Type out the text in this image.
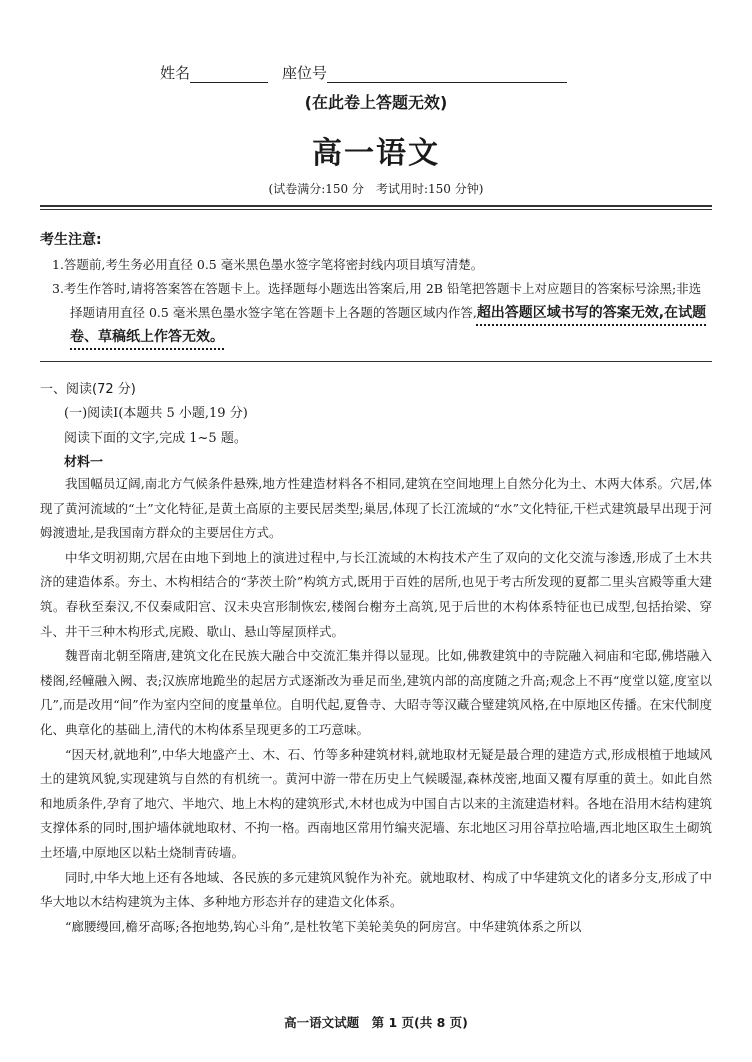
姓名	座位号
(在此卷上答题无效)
高一语文
(试卷满分:150 分　考试用时:150 分钟)
考生注意:
1.答题前,考生务必用直径 0.5 毫米黑色墨水签字笔将密封线内项目填写清楚。
3.考生作答时,请将答案答在答题卡上。选择题每小题选出答案后,用 2B 铅笔把答题卡上对应题目的答案标号涂黑;非选择题请用直径 0.5 毫米黑色墨水签字笔在答题卡上各题的答题区域内作答,超出答题区域书写的答案无效,在试题卷、草稿纸上作答无效。
一、阅读(72 分)
(一)阅读Ⅰ(本题共 5 小题,19 分)
阅读下面的文字,完成 1~5 题。
材料一

我国幅员辽阔,南北方气候条件悬殊,地方性建造材料各不相同,建筑在空间地理上自然分化为土、木两大体系。穴居,体现了黄河流域的“土”文化特征,是黄土高原的主要民居类型;巢居,体现了长江流域的“水”文化特征,干栏式建筑最早出现于河姆渡遗址,是我国南方群众的主要居住方式。

中华文明初期,穴居在由地下到地上的演进过程中,与长江流域的木构技术产生了双向的文化交流与渗透,形成了土木共济的建造体系。夯土、木构相结合的“茅茨土阶”构筑方式,既用于百姓的居所,也见于考古所发现的夏都二里头宫殿等重大建筑。春秋至秦汉,不仅秦咸阳宫、汉未央宫形制恢宏,楼阁台榭夯土高筑,见于后世的木构体系特征也已成型,包括抬梁、穿斗、井干三种木构形式,庑殿、歇山、悬山等屋顶样式。

魏晋南北朝至隋唐,建筑文化在民族大融合中交流汇集并得以显现。比如,佛教建筑中的寺院融入祠庙和宅邸,佛塔融入楼阁,经幢融入阙、表;汉族席地跪坐的起居方式逐渐改为垂足而坐,建筑内部的高度随之升高;观念上不再“度堂以筵,度室以几”,而是改用“间”作为室内空间的度量单位。自明代起,夏鲁寺、大昭寺等汉藏合璧建筑风格,在中原地区传播。在宋代制度化、典章化的基础上,清代的木构体系呈现更多的工巧意味。

“因天材,就地利”,中华大地盛产土、木、石、竹等多种建筑材料,就地取材无疑是最合理的建造方式,形成根植于地域风土的建筑风貌,实现建筑与自然的有机统一。黄河中游一带在历史上气候暖湿,森林茂密,地面又覆有厚重的黄土。如此自然和地质条件,孕育了地穴、半地穴、地上木构的建筑形式,木材也成为中国自古以来的主流建造材料。各地在沿用木结构建筑支撑体系的同时,围护墙体就地取材、不拘一格。西南地区常用竹编夹泥墙、东北地区习用谷草拉哈墙,西北地区取生土砌筑土坯墙,中原地区以粘土烧制青砖墙。

同时,中华大地上还有各地域、各民族的多元建筑风貌作为补充。就地取材、构成了中华建筑文化的诸多分支,形成了中华大地以木结构建筑为主体、多种地方形态并存的建造文化体系。

“廊腰缦回,檐牙高啄;各抱地势,钩心斗角”,是杜牧笔下美轮美奂的阿房宫。中华建筑体系之所以

高一语文试题　第 1 页(共 8 页)
